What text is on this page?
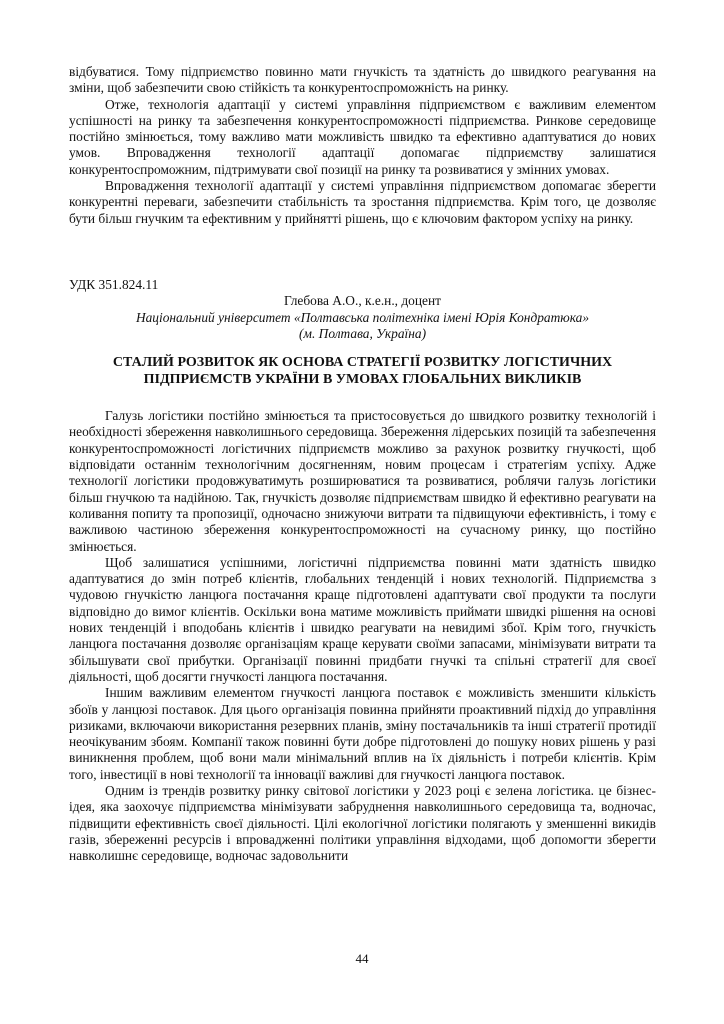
відбуватися. Тому підприємство повинно мати гнучкість та здатність до швидкого реагування на зміни, щоб забезпечити свою стійкість та конкурентоспроможність на ринку.

Отже, технологія адаптації у системі управління підприємством є важливим елементом успішності на ринку та забезпечення конкурентоспроможності підприємства. Ринкове середовище постійно змінюється, тому важливо мати можливість швидко та ефективно адаптуватися до нових умов. Впровадження технології адаптації допомагає підприємству залишатися конкурентоспроможним, підтримувати свої позиції на ринку та розвиватися у змінних умовах.

Впровадження технології адаптації у системі управління підприємством допомагає зберегти конкурентні переваги, забезпечити стабільність та зростання підприємства. Крім того, це дозволяє бути більш гнучким та ефективним у прийнятті рішень, що є ключовим фактором успіху на ринку.

УДК 351.824.11

Глебова А.О., к.е.н., доцент

Національний університет «Полтавська політехніка імені Юрія Кондратюка»

(м. Полтава, Україна)

СТАЛИЙ РОЗВИТОК ЯК ОСНОВА СТРАТЕГІЇ РОЗВИТКУ ЛОГІСТИЧНИХ
ПІДПРИЄМСТВ УКРАЇНИ В УМОВАХ ГЛОБАЛЬНИХ ВИКЛИКІВ

Галузь логістики постійно змінюється та пристосовується до швидкого розвитку технологій і необхідності збереження навколишнього середовища. Збереження лідерських позицій та забезпечення конкурентоспроможності логістичних підприємств можливо за рахунок розвитку гнучкості, щоб відповідати останнім технологічним досягненням, новим процесам і стратегіям успіху. Адже технології логістики продовжуватимуть розширюватися та розвиватися, роблячи галузь логістики більш гнучкою та надійною. Так, гнучкість дозволяє підприємствам швидко й ефективно реагувати на коливання попиту та пропозиції, одночасно знижуючи витрати та підвищуючи ефективність, і тому є важливою частиною збереження конкурентоспроможності на сучасному ринку, що постійно змінюється.

Щоб залишатися успішними, логістичні підприємства повинні мати здатність швидко адаптуватися до змін потреб клієнтів, глобальних тенденцій і нових технологій. Підприємства з чудовою гнучкістю ланцюга постачання краще підготовлені адаптувати свої продукти та послуги відповідно до вимог клієнтів. Оскільки вона матиме можливість приймати швидкі рішення на основі нових тенденцій і вподобань клієнтів і швидко реагувати на невидимі збої. Крім того, гнучкість ланцюга постачання дозволяє організаціям краще керувати своїми запасами, мінімізувати витрати та збільшувати свої прибутки. Організації повинні придбати гнучкі та спільні стратегії для своєї діяльності, щоб досягти гнучкості ланцюга постачання.

Іншим важливим елементом гнучкості ланцюга поставок є можливість зменшити кількість збоїв у ланцюзі поставок. Для цього організація повинна прийняти проактивний підхід до управління ризиками, включаючи використання резервних планів, зміну постачальників та інші стратегії протидії неочікуваним збоям. Компанії також повинні бути добре підготовлені до пошуку нових рішень у разі виникнення проблем, щоб вони мали мінімальний вплив на їх діяльність і потреби клієнтів. Крім того, інвестиції в нові технології та інновації важливі для гнучкості ланцюга поставок.

Одним із трендів розвитку ринку світової логістики у 2023 році є зелена логістика. це бізнес-ідея, яка заохочує підприємства мінімізувати забруднення навколишнього середовища та, водночас, підвищити ефективність своєї діяльності. Цілі екологічної логістики полягають у зменшенні викидів газів, збереженні ресурсів і впровадженні політики управління відходами, щоб допомогти зберегти навколишнє середовище, водночас задовольнити

44
